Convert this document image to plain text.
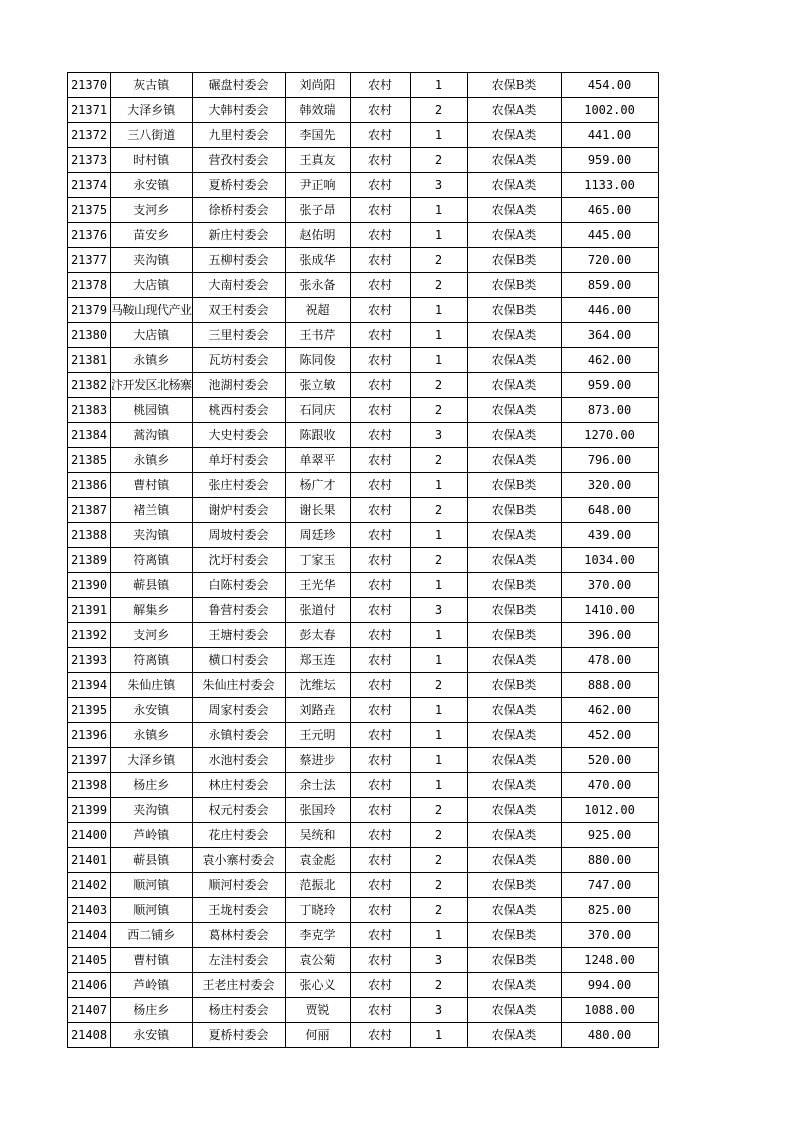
21370	灰古镇	碾盘村委会	刘尚阳	农村	1	农保B类	454.00
21371	大泽乡镇	大韩村委会	韩效瑞	农村	2	农保A类	1002.00
21372	三八街道	九里村委会	李国先	农村	1	农保A类	441.00
21373	时村镇	营孜村委会	王真友	农村	2	农保A类	959.00
21374	永安镇	夏桥村委会	尹正响	农村	3	农保A类	1133.00
21375	支河乡	徐桥村委会	张子昂	农村	1	农保A类	465.00
21376	苗安乡	新庄村委会	赵佑明	农村	1	农保A类	445.00
21377	夹沟镇	五柳村委会	张成华	农村	2	农保B类	720.00
21378	大店镇	大南村委会	张永备	农村	2	农保B类	859.00
21379	马鞍山现代产业	双王村委会	祝超	农村	1	农保B类	446.00
21380	大店镇	三里村委会	王书芹	农村	1	农保A类	364.00
21381	永镇乡	瓦坊村委会	陈同俊	农村	1	农保A类	462.00
21382	汴开发区北杨寨	池湖村委会	张立敏	农村	2	农保A类	959.00
21383	桃园镇	桃西村委会	石同庆	农村	2	农保A类	873.00
21384	蒿沟镇	大史村委会	陈跟收	农村	3	农保A类	1270.00
21385	永镇乡	单圩村委会	单翠平	农村	2	农保A类	796.00
21386	曹村镇	张庄村委会	杨广才	农村	1	农保B类	320.00
21387	褚兰镇	谢炉村委会	谢长果	农村	2	农保B类	648.00
21388	夹沟镇	周坡村委会	周廷珍	农村	1	农保A类	439.00
21389	符离镇	沈圩村委会	丁家玉	农村	2	农保A类	1034.00
21390	蕲县镇	白陈村委会	王光华	农村	1	农保B类	370.00
21391	解集乡	鲁营村委会	张道付	农村	3	农保B类	1410.00
21392	支河乡	王塘村委会	彭太春	农村	1	农保B类	396.00
21393	符离镇	横口村委会	郑玉连	农村	1	农保A类	478.00
21394	朱仙庄镇	朱仙庄村委会	沈维坛	农村	2	农保B类	888.00
21395	永安镇	周家村委会	刘路垚	农村	1	农保A类	462.00
21396	永镇乡	永镇村委会	王元明	农村	1	农保A类	452.00
21397	大泽乡镇	水池村委会	蔡进步	农村	1	农保A类	520.00
21398	杨庄乡	林庄村委会	余士法	农村	1	农保A类	470.00
21399	夹沟镇	权元村委会	张国玲	农村	2	农保A类	1012.00
21400	芦岭镇	花庄村委会	吴统和	农村	2	农保A类	925.00
21401	蕲县镇	袁小寨村委会	袁金彪	农村	2	农保A类	880.00
21402	顺河镇	顺河村委会	范振北	农村	2	农保B类	747.00
21403	顺河镇	王垅村委会	丁晓玲	农村	2	农保A类	825.00
21404	西二铺乡	葛林村委会	李克学	农村	1	农保B类	370.00
21405	曹村镇	左洼村委会	袁公菊	农村	3	农保B类	1248.00
21406	芦岭镇	王老庄村委会	张心义	农村	2	农保A类	994.00
21407	杨庄乡	杨庄村委会	贾锐	农村	3	农保A类	1088.00
21408	永安镇	夏桥村委会	何丽	农村	1	农保A类	480.00
